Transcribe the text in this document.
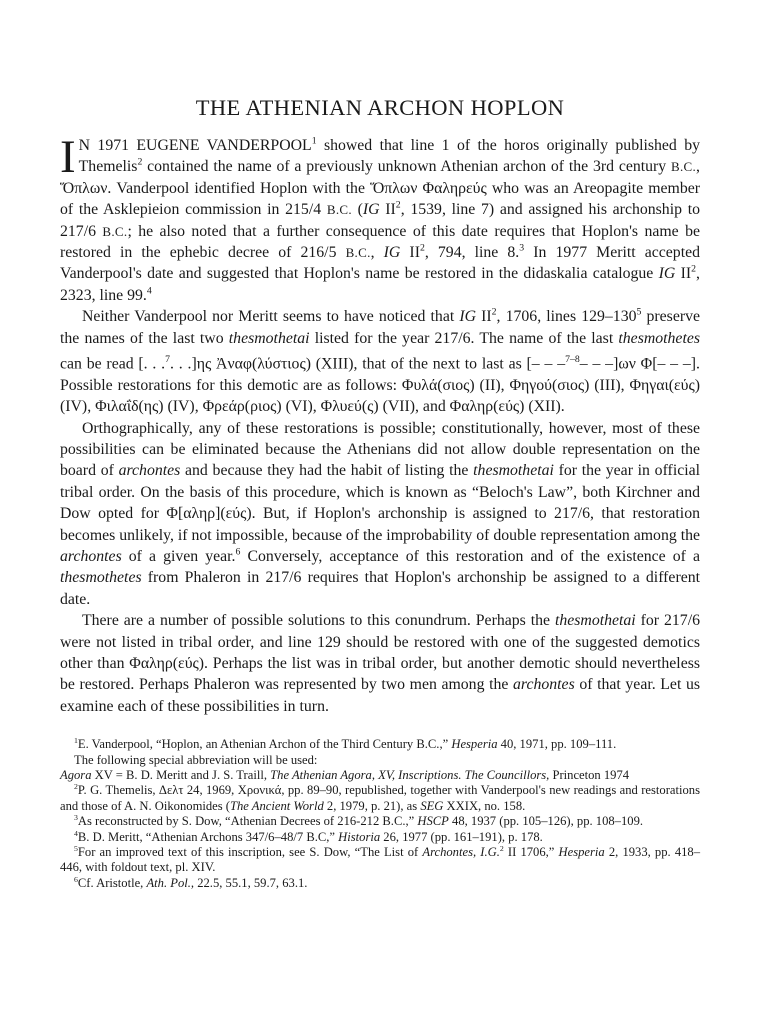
THE ATHENIAN ARCHON HOPLON

I N 1971 EUGENE VANDERPOOL$^1$ showed that line 1 of the horos originally published by Themelis$^2$ contained the name of a previously unknown Athenian archon of the 3rd century B.C., Ὅπλων. Vanderpool identified Hoplon with the Ὅπλων Φαληρεύς who was an Areopagite member of the Asklepieion commission in 215/4 B.C. (IG $II^2$, 1539, line 7) and assigned his archonship to 217/6 B.C.; he also noted that a further consequence of this date requires that Hoplon's name be restored in the ephebic decree of 216/5 B.C., IG $II^2$, 794, line 8.$^3$ In 1977 Meritt accepted Vanderpool's date and suggested that Hoplon's name be restored in the didaskalia catalogue IG $II^2$, 2323, line 99.$^4$

Neither Vanderpool nor Meritt seems to have noticed that IG $II^2$, 1706, lines $129-130^5$ preserve the names of the last two thesmothetai listed for the year 217/6. The name of the last thesmothetes can be read [. . .$^7$. . .]ης Ἀναφ(λύστιος) (XIII), that of the next to last as [– – –$^{7-8}$– – –]ων Φ[– – –]. Possible restorations for this demotic are as follows: Φυλά(σιος) (II), Φηγού(σιος) (III), Φηγαι(εύς) (IV), Φιλαΐδ(ης) (IV), Φρεάρ(ριος) (VI), Φλυεύ(ς) (VII), and Φαληρ(εύς) (XII).

Orthographically, any of these restorations is possible; constitutionally, however, most of these possibilities can be eliminated because the Athenians did not allow double representation on the board of archontes and because they had the habit of listing the thesmothetai for the year in official tribal order. On the basis of this procedure, which is known as “Beloch's Law”, both Kirchner and Dow opted for Φ[αληρ](εύς). But, if Hoplon's archonship is assigned to 217/6, that restoration becomes unlikely, if not impossible, because of the improbability of double representation among the archontes of a given year.$^6$ Conversely, acceptance of this restoration and of the existence of a thesmothetes from Phaleron in 217/6 requires that Hoplon's archonship be assigned to a different date.

There are a number of possible solutions to this conundrum. Perhaps the thesmothetai for 217/6 were not listed in tribal order, and line 129 should be restored with one of the suggested demotics other than Φαληρ(εύς). Perhaps the list was in tribal order, but another demotic should nevertheless be restored. Perhaps Phaleron was represented by two men among the archontes of that year. Let us examine each of these possibilities in turn.

$^1$E. Vanderpool, “Hoplon, an Athenian Archon of the Third Century B.C.,” Hesperia 40, 1971, pp. 109–111.

The following special abbreviation will be used:

Agora XV = B. D. Meritt and J. S. Traill, The Athenian Agora, XV, Inscriptions. The Councillors, Princeton 1974

$^2$P. G. Themelis, Δελτ 24, 1969, Χρονικά, pp. 89–90, republished, together with Vanderpool's new readings and restorations and those of A. N. Oikonomides (The Ancient World 2, 1979, p. 21), as SEG XXIX, no. 158.

$^3$As reconstructed by S. Dow, “Athenian Decrees of 216-212 B.C.,” HSCP 48, 1937 (pp. 105–126), pp. 108–109.

$^4$B. D. Meritt, “Athenian Archons 347/6–48/7 B.C,” Historia 26, 1977 (pp. 161–191), p. 178.

$^5$For an improved text of this inscription, see S. Dow, “The List of Archontes, I.G.$^2$ II 1706,” Hesperia 2, 1933, pp. 418–446, with foldout text, pl. XIV.

$^6$Cf. Aristotle, Ath. Pol., 22.5, 55.1, 59.7, 63.1.
